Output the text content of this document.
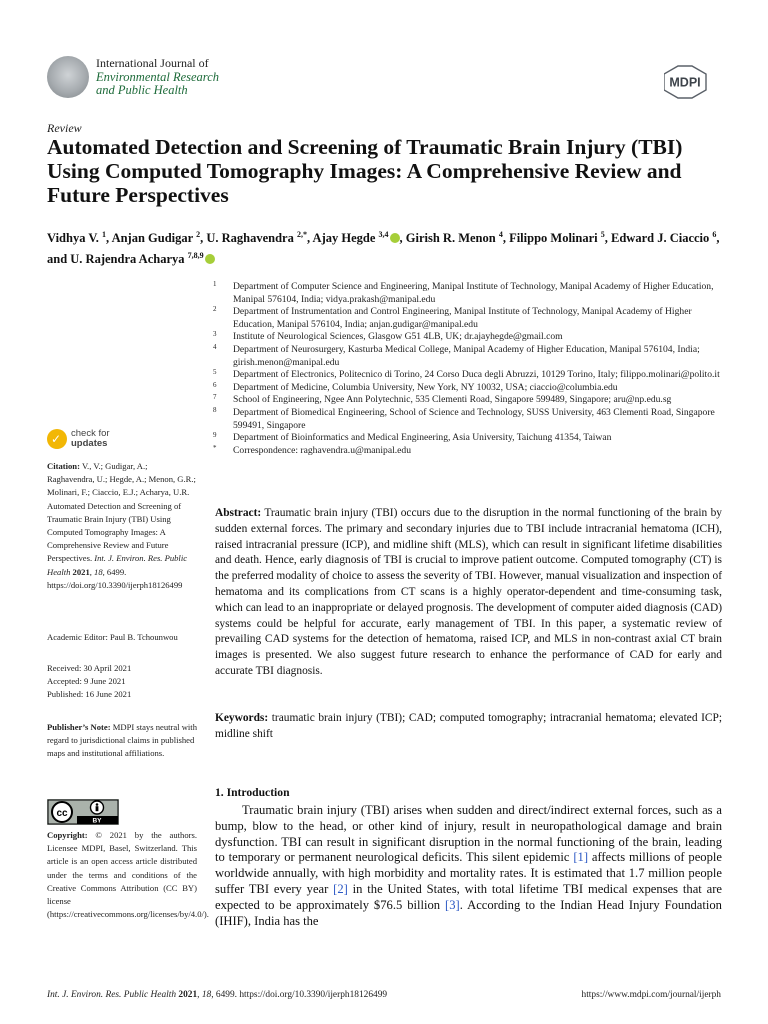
International Journal of
Environmental Research
and Public Health
MDPI
Review
Automated Detection and Screening of Traumatic Brain Injury (TBI) Using Computed Tomography Images: A Comprehensive Review and Future Perspectives
Vidhya V. $^1$, Anjan Gudigar $^2$, U. Raghavendra $^{2,*}$, Ajay Hegde $^{3,4}$ , Girish R. Menon $^4$, Filippo Molinari $^5$, Edward J. Ciaccio $^6$,
and U. Rajendra Acharya $^{7,8,9}$
1 Department of Computer Science and Engineering, Manipal Institute of Technology, Manipal Academy of Higher Education, Manipal 576104, India; vidya.prakash@manipal.edu
2 Department of Instrumentation and Control Engineering, Manipal Institute of Technology, Manipal Academy of Higher Education, Manipal 576104, India; anjan.gudigar@manipal.edu
3 Institute of Neurological Sciences, Glasgow G51 4LB, UK; dr.ajayhegde@gmail.com
4 Department of Neurosurgery, Kasturba Medical College, Manipal Academy of Higher Education, Manipal 576104, India; girish.menon@manipal.edu
5 Department of Electronics, Politecnico di Torino, 24 Corso Duca degli Abruzzi, 10129 Torino, Italy; filippo.molinari@polito.it
6 Department of Medicine, Columbia University, New York, NY 10032, USA; ciaccio@columbia.edu
7 School of Engineering, Ngee Ann Polytechnic, 535 Clementi Road, Singapore 599489, Singapore; aru@np.edu.sg
8 Department of Biomedical Engineering, School of Science and Technology, SUSS University, 463 Clementi Road, Singapore 599491, Singapore
9 Department of Bioinformatics and Medical Engineering, Asia University, Taichung 41354, Taiwan
* Correspondence: raghavendra.u@manipal.edu
✓ check for
updates
Citation: V., V.; Gudigar, A.; Raghavendra, U.; Hegde, A.; Menon, G.R.; Molinari, F.; Ciaccio, E.J.; Acharya, U.R. Automated Detection and Screening of Traumatic Brain Injury (TBI) Using Computed Tomography Images: A Comprehensive Review and Future Perspectives. Int. J. Environ. Res. Public Health 2021, 18, 6499. https://doi.org/10.3390/ijerph18126499
Academic Editor: Paul B. Tchounwou
Received: 30 April 2021
Accepted: 9 June 2021
Published: 16 June 2021
Publisher’s Note: MDPI stays neutral with regard to jurisdictional claims in published maps and institutional affiliations.
cc
BY
Copyright: © 2021 by the authors. Licensee MDPI, Basel, Switzerland. This article is an open access article distributed under the terms and conditions of the Creative Commons Attribution (CC BY) license (https://creativecommons.org/licenses/by/4.0/).
Abstract: Traumatic brain injury (TBI) occurs due to the disruption in the normal functioning of the brain by sudden external forces. The primary and secondary injuries due to TBI include intracranial hematoma (ICH), raised intracranial pressure (ICP), and midline shift (MLS), which can result in significant lifetime disabilities and death. Hence, early diagnosis of TBI is crucial to improve patient outcome. Computed tomography (CT) is the preferred modality of choice to assess the severity of TBI. However, manual visualization and inspection of hematoma and its complications from CT scans is a highly operator-dependent and time-consuming task, which can lead to an inappropriate or delayed prognosis. The development of computer aided diagnosis (CAD) systems could be helpful for accurate, early management of TBI. In this paper, a systematic review of prevailing CAD systems for the detection of hematoma, raised ICP, and MLS in non-contrast axial CT brain images is presented. We also suggest future research to enhance the performance of CAD for early and accurate TBI diagnosis.
Keywords: traumatic brain injury (TBI); CAD; computed tomography; intracranial hematoma; elevated ICP; midline shift
1. Introduction
Traumatic brain injury (TBI) arises when sudden and direct/indirect external forces, such as a bump, blow to the head, or other kind of injury, result in neuropathological damage and brain dysfunction. TBI can result in significant disruption in the normal functioning of the brain, leading to temporary or permanent neurological deficits. This silent epidemic [1] affects millions of people worldwide annually, with high morbidity and mortality rates. It is estimated that 1.7 million people suffer TBI every year [2] in the United States, with total lifetime TBI medical expenses that are expected to be approximately $76.5 billion [3]. According to the Indian Head Injury Foundation (IHIF), India has the
Int. J. Environ. Res. Public Health 2021, 18, 6499. https://doi.org/10.3390/ijerph18126499	https://www.mdpi.com/journal/ijerph
